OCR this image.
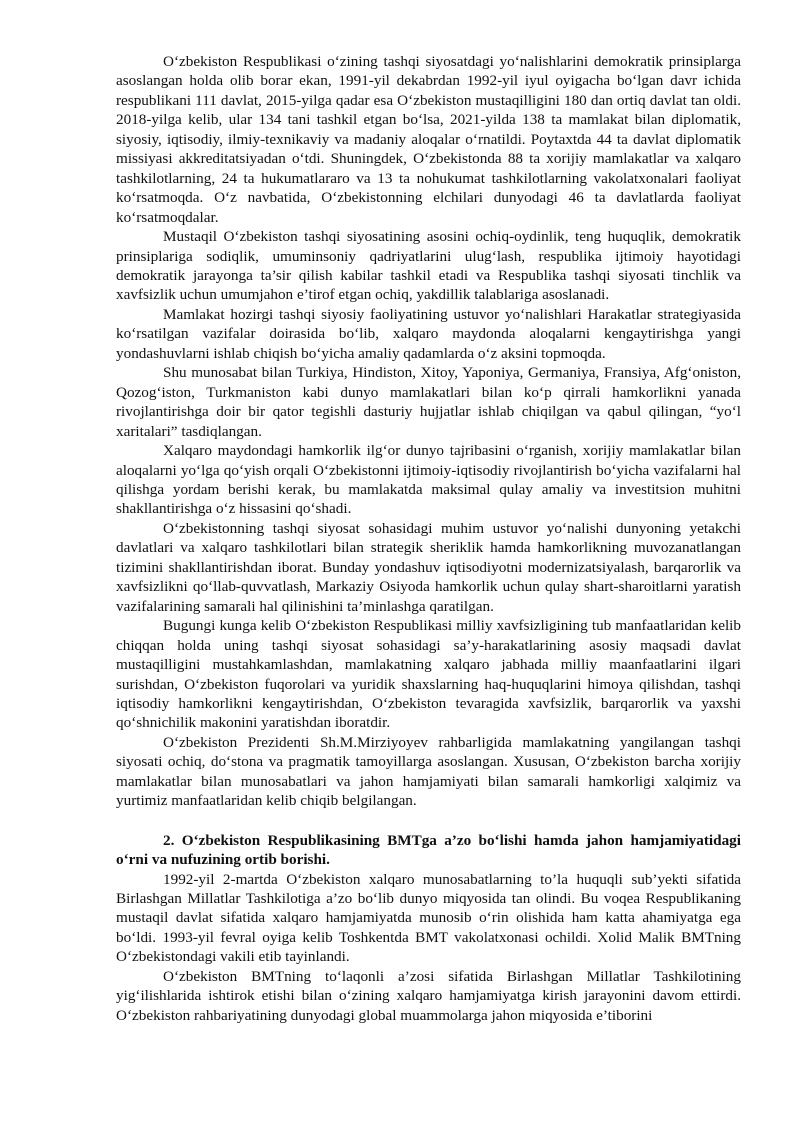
O‘zbekiston Respublikasi o‘zining tashqi siyosatdagi yo‘nalishlarini demokratik prinsiplarga asoslangan holda olib borar ekan, 1991-yil dekabrdan 1992-yil iyul oyigacha bo‘lgan davr ichida respublikani 111 davlat, 2015-yilga qadar esa O‘zbekiston mustaqilligini 180 dan ortiq davlat tan oldi. 2018-yilga kelib, ular 134 tani tashkil etgan bo‘lsa, 2021-yilda 138 ta mamlakat bilan diplomatik, siyosiy, iqtisodiy, ilmiy-texnikaviy va madaniy aloqalar o‘rnatildi. Poytaxtda 44 ta davlat diplomatik missiyasi akkreditatsiyadan o‘tdi. Shuningdek, O‘zbekistonda 88 ta xorijiy mamlakatlar va xalqaro tashkilotlarning, 24 ta hukumatlararo va 13 ta nohukumat tashkilotlarning vakolatxonalari faoliyat ko‘rsatmoqda. O‘z navbatida, O‘zbekistonning elchilari dunyodagi 46 ta davlatlarda faoliyat ko‘rsatmoqdalar.

Mustaqil O‘zbekiston tashqi siyosatining asosini ochiq-oydinlik, teng huquqlik, demokratik prinsiplariga sodiqlik, umuminsoniy qadriyatlarini ulug‘lash, respublika ijtimoiy hayotidagi demokratik jarayonga ta’sir qilish kabilar tashkil etadi va Respublika tashqi siyosati tinchlik va xavfsizlik uchun umumjahon e’tirof etgan ochiq, yakdillik talablariga asoslanadi.

Mamlakat hozirgi tashqi siyosiy faoliyatining ustuvor yo‘nalishlari Harakatlar strategiyasida ko‘rsatilgan vazifalar doirasida bo‘lib, xalqaro maydonda aloqalarni kengaytirishga yangi yondashuvlarni ishlab chiqish bo‘yicha amaliy qadamlarda o‘z aksini topmoqda.

Shu munosabat bilan Turkiya, Hindiston, Xitoy, Yaponiya, Germaniya, Fransiya, Afg‘oniston, Qozog‘iston, Turkmaniston kabi dunyo mamlakatlari bilan ko‘p qirrali hamkorlikni yanada rivojlantirishga doir bir qator tegishli dasturiy hujjatlar ishlab chiqilgan va qabul qilingan, “yo‘l xaritalari” tasdiqlangan.

Xalqaro maydondagi hamkorlik ilg‘or dunyo tajribasini o‘rganish, xorijiy mamlakatlar bilan aloqalarni yo‘lga qo‘yish orqali O‘zbekistonni ijtimoiy-iqtisodiy rivojlantirish bo‘yicha vazifalarni hal qilishga yordam berishi kerak, bu mamlakatda maksimal qulay amaliy va investitsion muhitni shakllantirishga o‘z hissasini qo‘shadi.

O‘zbekistonning tashqi siyosat sohasidagi muhim ustuvor yo‘nalishi dunyoning yetakchi davlatlari va xalqaro tashkilotlari bilan strategik sheriklik hamda hamkorlikning muvozanatlangan tizimini shakllantirishdan iborat. Bunday yondashuv iqtisodiyotni modernizatsiyalash, barqarorlik va xavfsizlikni qo‘llab-quvvatlash, Markaziy Osiyoda hamkorlik uchun qulay shart-sharoitlarni yaratish vazifalarining samarali hal qilinishini ta’minlashga qaratilgan.

Bugungi kunga kelib O‘zbekiston Respublikasi milliy xavfsizligining tub manfaatlaridan kelib chiqqan holda uning tashqi siyosat sohasidagi sa’y-harakatlarining asosiy maqsadi davlat mustaqilligini mustahkamlashdan, mamlakatning xalqaro jabhada milliy maanfaatlarini ilgari surishdan, O‘zbekiston fuqorolari va yuridik shaxslarning haq-huquqlarini himoya qilishdan, tashqi iqtisodiy hamkorlikni kengaytirishdan, O‘zbekiston tevaragida xavfsizlik, barqarorlik va yaxshi qo‘shnichilik makonini yaratishdan iboratdir.

O‘zbekiston Prezidenti Sh.M.Mirziyoyev rahbarligida mamlakatning yangilangan tashqi siyosati ochiq, do‘stona va pragmatik tamoyillarga asoslangan. Xususan, O‘zbekiston barcha xorijiy mamlakatlar bilan munosabatlari va jahon hamjamiyati bilan samarali hamkorligi xalqimiz va yurtimiz manfaatlaridan kelib chiqib belgilangan.

2. O‘zbekiston Respublikasining BMTga a’zo bo‘lishi hamda jahon hamjamiyatidagi o‘rni va nufuzining ortib borishi.

1992-yil 2-martda O‘zbekiston xalqaro munosabatlarning to’la huquqli sub’yekti sifatida Birlashgan Millatlar Tashkilotiga a’zo bo‘lib dunyo miqyosida tan olindi. Bu voqea Respublikaning mustaqil davlat sifatida xalqaro hamjamiyatda munosib o‘rin olishida ham katta ahamiyatga ega bo‘ldi. 1993-yil fevral oyiga kelib Toshkentda BMT vakolatxonasi ochildi. Xolid Malik BMTning O‘zbekistondagi vakili etib tayinlandi.

O‘zbekiston BMTning to‘laqonli a’zosi sifatida Birlashgan Millatlar Tashkilotining yig‘ilishlarida ishtirok etishi bilan o‘zining xalqaro hamjamiyatga kirish jarayonini davom ettirdi. O‘zbekiston rahbariyatining dunyodagi global muammolarga jahon miqyosida e’tiborini
